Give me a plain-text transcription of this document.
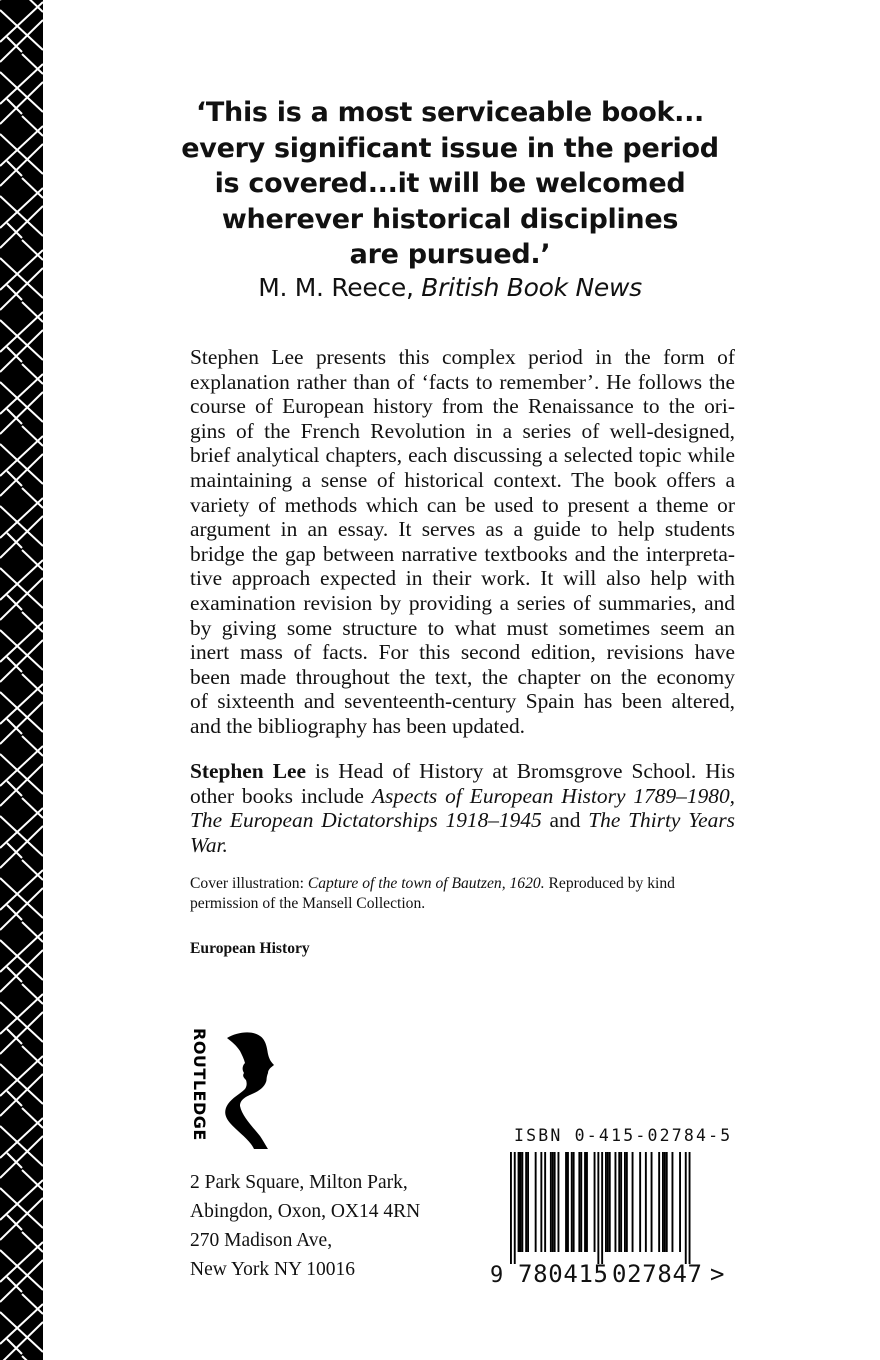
‘This is a most serviceable book...
every significant issue in the period
is covered...it will be welcomed
wherever historical disciplines
are pursued.’
M. M. Reece, British Book News
Stephen Lee presents this complex period in the form of
explanation rather than of ‘facts to remember’. He follows the
course of European history from the Renaissance to the ori-
gins of the French Revolution in a series of well-designed,
brief analytical chapters, each discussing a selected topic while
maintaining a sense of historical context. The book offers a
variety of methods which can be used to present a theme or
argument in an essay. It serves as a guide to help students
bridge the gap between narrative textbooks and the interpreta-
tive approach expected in their work. It will also help with
examination revision by providing a series of summaries, and
by giving some structure to what must sometimes seem an
inert mass of facts. For this second edition, revisions have
been made throughout the text, the chapter on the economy
of sixteenth and seventeenth-century Spain has been altered,
and the bibliography has been updated.
Stephen Lee is Head of History at Bromsgrove School. His
other books include Aspects of European History 1789–1980,
The European Dictatorships 1918–1945 and The Thirty Years
War.
Cover illustration: Capture of the town of Bautzen, 1620. Reproduced by kind
permission of the Mansell Collection.
European History
ROUTLEDGE
2 Park Square, Milton Park,
Abingdon, Oxon, OX14 4RN
270 Madison Ave,
New York NY 10016
ISBN 0-415-02784-5
9 780415 027847 >
